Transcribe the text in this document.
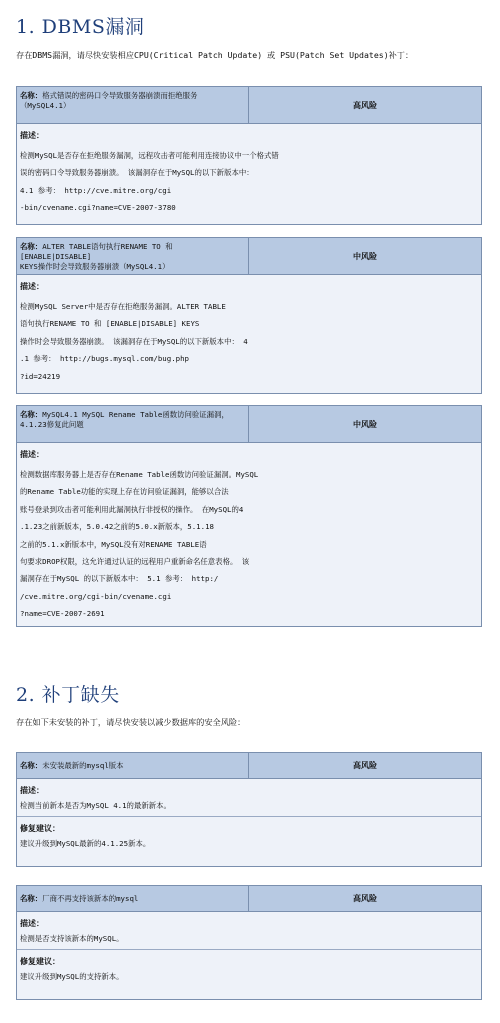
1. DBMS漏洞
存在DBMS漏洞，请尽快安装相应CPU(Critical Patch Update) 或 PSU(Patch Set Updates)补丁：
名称：格式错误的密码口令导致服务器崩溃而拒绝服务
（MySQL4.1）	高风险
描述：
检测MySQL是否存在拒绝服务漏洞，远程攻击者可能利用连接协议中一个格式错
误的密码口令导致服务器崩溃。 该漏洞存在于MySQL的以下新版本中：
4.1 参考： http://cve.mitre.org/cgi
-bin/cvename.cgi?name=CVE-2007-3780
名称：ALTER TABLE语句执行RENAME TO 和 [ENABLE|DISABLE]
KEYS操作时会导致服务器崩溃（MySQL4.1）
中风险
描述：
检测MySQL Server中是否存在拒绝服务漏洞。ALTER TABLE
语句执行RENAME TO 和 [ENABLE|DISABLE] KEYS
操作时会导致服务器崩溃。 该漏洞存在于MySQL的以下新版本中： 4
.1 参考： http://bugs.mysql.com/bug.php
?id=24219
名称：MySQL4.1 MySQL Rename Table函数访问验证漏洞，
4.1.23修复此问题	中风险
描述：
检测数据库服务器上是否存在Rename Table函数访问验证漏洞。MySQL
的Rename Table功能的实现上存在访问验证漏洞，能够以合法
账号登录到攻击者可能利用此漏洞执行非授权的操作。 在MySQL的4
.1.23之前新版本，5.0.42之前的5.0.x新版本，5.1.18
之前的5.1.x新版本中，MySQL没有对RENAME TABLE语
句要求DROP权限，这允许通过认证的远程用户重新命名任意表格。 该
漏洞存在于MySQL 的以下新版本中： 5.1 参考： http:/
/cve.mitre.org/cgi-bin/cvename.cgi
?name=CVE-2007-2691
2. 补丁缺失
存在如下未安装的补丁，请尽快安装以减少数据库的安全风险：
名称：未安装最新的mysql版本	高风险
描述：
检测当前新本是否为MySQL 4.1的最新新本。
修复建议：
建议升级到MySQL最新的4.1.25新本。
名称：厂商不再支持该新本的mysql	高风险
描述：
检测是否支持该新本的MySQL。
修复建议：
建议升级到MySQL的支持新本。
